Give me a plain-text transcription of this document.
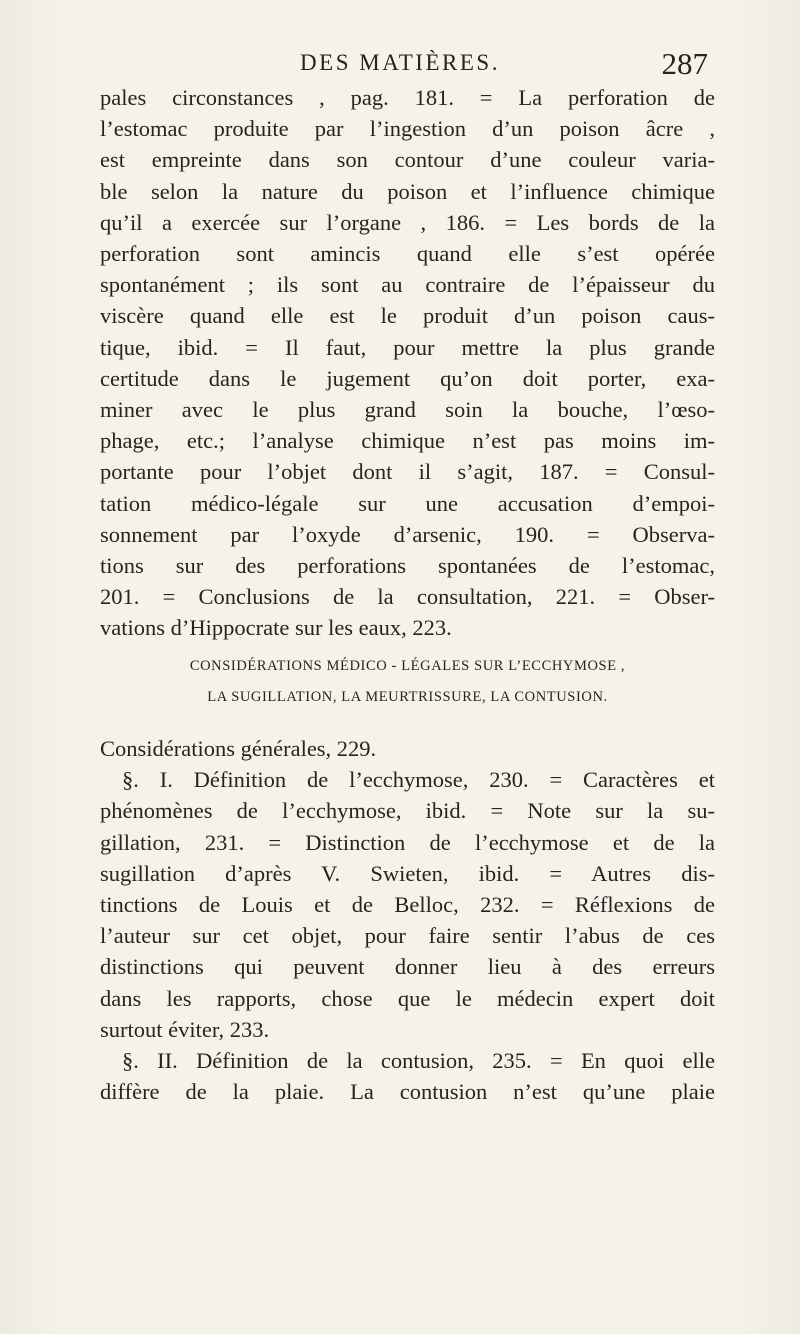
DES MATIÈRES.	287
pales circonstances , pag. 181. = La perforation de
l’estomac produite par l’ingestion d’un poison âcre ,
est empreinte dans son contour d’une couleur varia-
ble selon la nature du poison et l’influence chimique
qu’il a exercée sur l’organe , 186. = Les bords de la
perforation sont amincis quand elle s’est opérée
spontanément ; ils sont au contraire de l’épaisseur du
viscère quand elle est le produit d’un poison caus-
tique, ibid. = Il faut, pour mettre la plus grande
certitude dans le jugement qu’on doit porter, exa-
miner avec le plus grand soin la bouche, l’œso-
phage, etc.; l’analyse chimique n’est pas moins im-
portante pour l’objet dont il s’agit, 187. = Consul-
tation médico-légale sur une accusation d’empoi-
sonnement par l’oxyde d’arsenic, 190. = Observa-
tions sur des perforations spontanées de l’estomac,
201. = Conclusions de la consultation, 221. = Obser-
vations d’Hippocrate sur les eaux, 223.
CONSIDÉRATIONS MÉDICO - LÉGALES SUR L’ECCHYMOSE ,
LA SUGILLATION, LA MEURTRISSURE, LA CONTUSION.
Considérations générales, 229.
§. I. Définition de l’ecchymose, 230. = Caractères et
phénomènes de l’ecchymose, ibid. = Note sur la su-
gillation, 231. = Distinction de l’ecchymose et de la
sugillation d’après V. Swieten, ibid. = Autres dis-
tinctions de Louis et de Belloc, 232. = Réflexions de
l’auteur sur cet objet, pour faire sentir l’abus de ces
distinctions qui peuvent donner lieu à des erreurs
dans les rapports, chose que le médecin expert doit
surtout éviter, 233.
§. II. Définition de la contusion, 235. = En quoi elle
diffère de la plaie. La contusion n’est qu’une plaie
